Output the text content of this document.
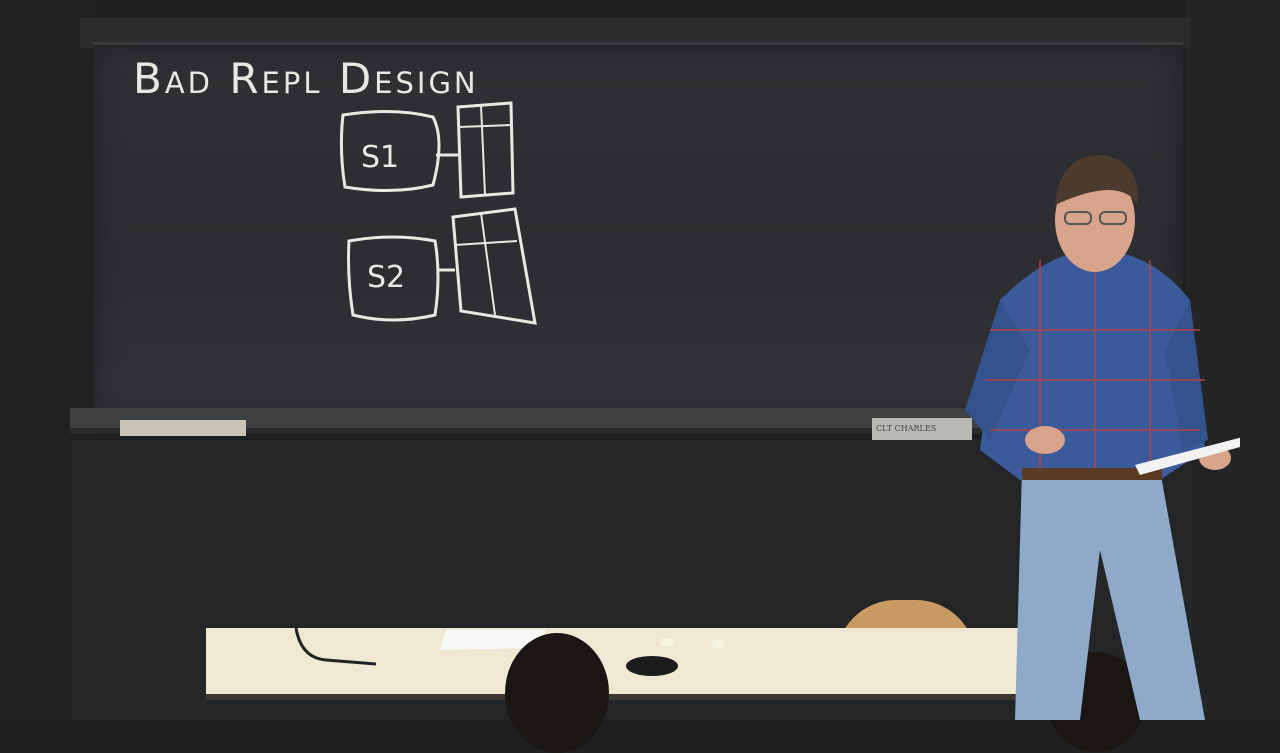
Bad Repl Design
S1
S2
CLT CHARLES
